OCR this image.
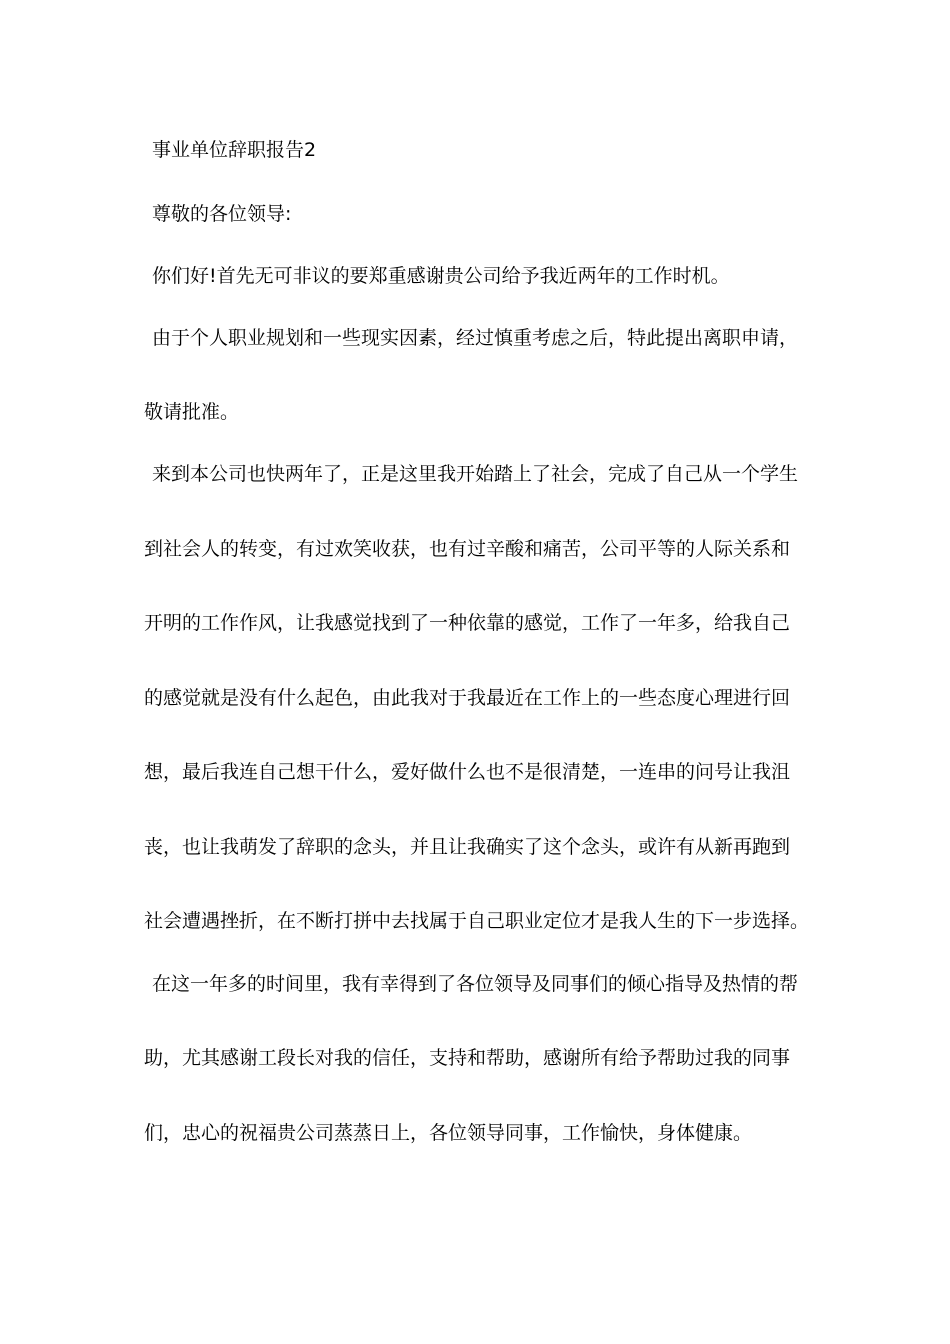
事业单位辞职报告2
尊敬的各位领导:
你们好!首先无可非议的要郑重感谢贵公司给予我近两年的工作时机。
由于个人职业规划和一些现实因素，经过慎重考虑之后，特此提出离职申请，
敬请批准。
来到本公司也快两年了，正是这里我开始踏上了社会，完成了自己从一个学生
到社会人的转变，有过欢笑收获，也有过辛酸和痛苦，公司平等的人际关系和
开明的工作作风，让我感觉找到了一种依靠的感觉，工作了一年多，给我自己
的感觉就是没有什么起色，由此我对于我最近在工作上的一些态度心理进行回
想，最后我连自己想干什么，爱好做什么也不是很清楚，一连串的问号让我沮
丧，也让我萌发了辞职的念头，并且让我确实了这个念头，或许有从新再跑到
社会遭遇挫折，在不断打拼中去找属于自己职业定位才是我人生的下一步选择。
在这一年多的时间里，我有幸得到了各位领导及同事们的倾心指导及热情的帮
助，尤其感谢工段长对我的信任，支持和帮助，感谢所有给予帮助过我的同事
们，忠心的祝福贵公司蒸蒸日上，各位领导同事，工作愉快，身体健康。
